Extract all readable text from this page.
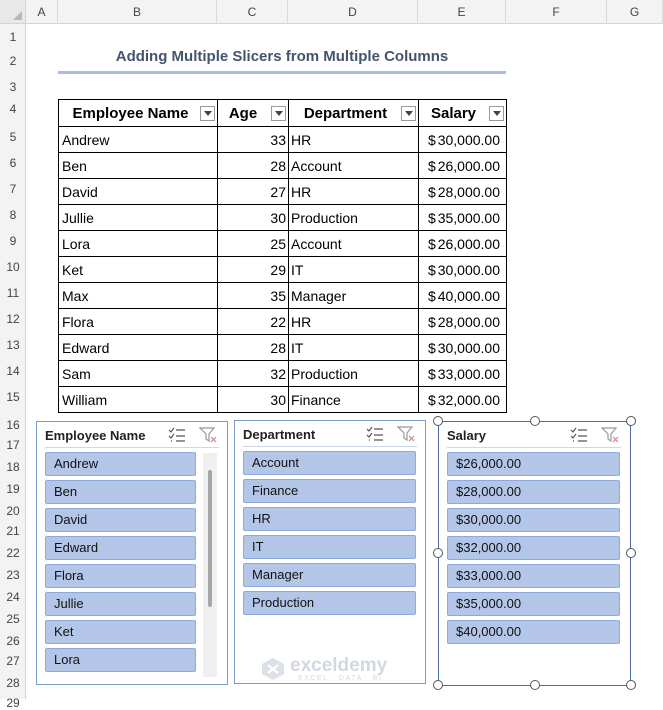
A	B	C	D	E	F	G
1
2
3
4
5
6
7
8
9
10
11
12
13
14
15
16
17
18
19
20
21
22
23
24
25
26
27
28
29
Adding Multiple Slicers from Multiple Columns
Employee Name	Age	Department	Salary

Andrew	33	HR	$ 30,000.00

Ben	28	Account	$ 26,000.00

David	27	HR	$ 28,000.00

Jullie	30	Production	$ 35,000.00

Lora	25	Account	$ 26,000.00

Ket	29	IT	$ 30,000.00

Max	35	Manager	$ 40,000.00

Flora	22	HR	$ 28,000.00

Edward	28	IT	$ 30,000.00

Sam	32	Production	$ 33,000.00

William	30	Finance	$ 32,000.00
Employee Name
Andrew
Ben
David
Edward
Flora
Jullie
Ket
Lora
Department
Account
Finance
HR
IT
Manager
Production
Salary
$26,000.00
$28,000.00
$30,000.00
$32,000.00
$33,000.00
$35,000.00
$40,000.00
exceldemy
EXCEL · DATA · BI
